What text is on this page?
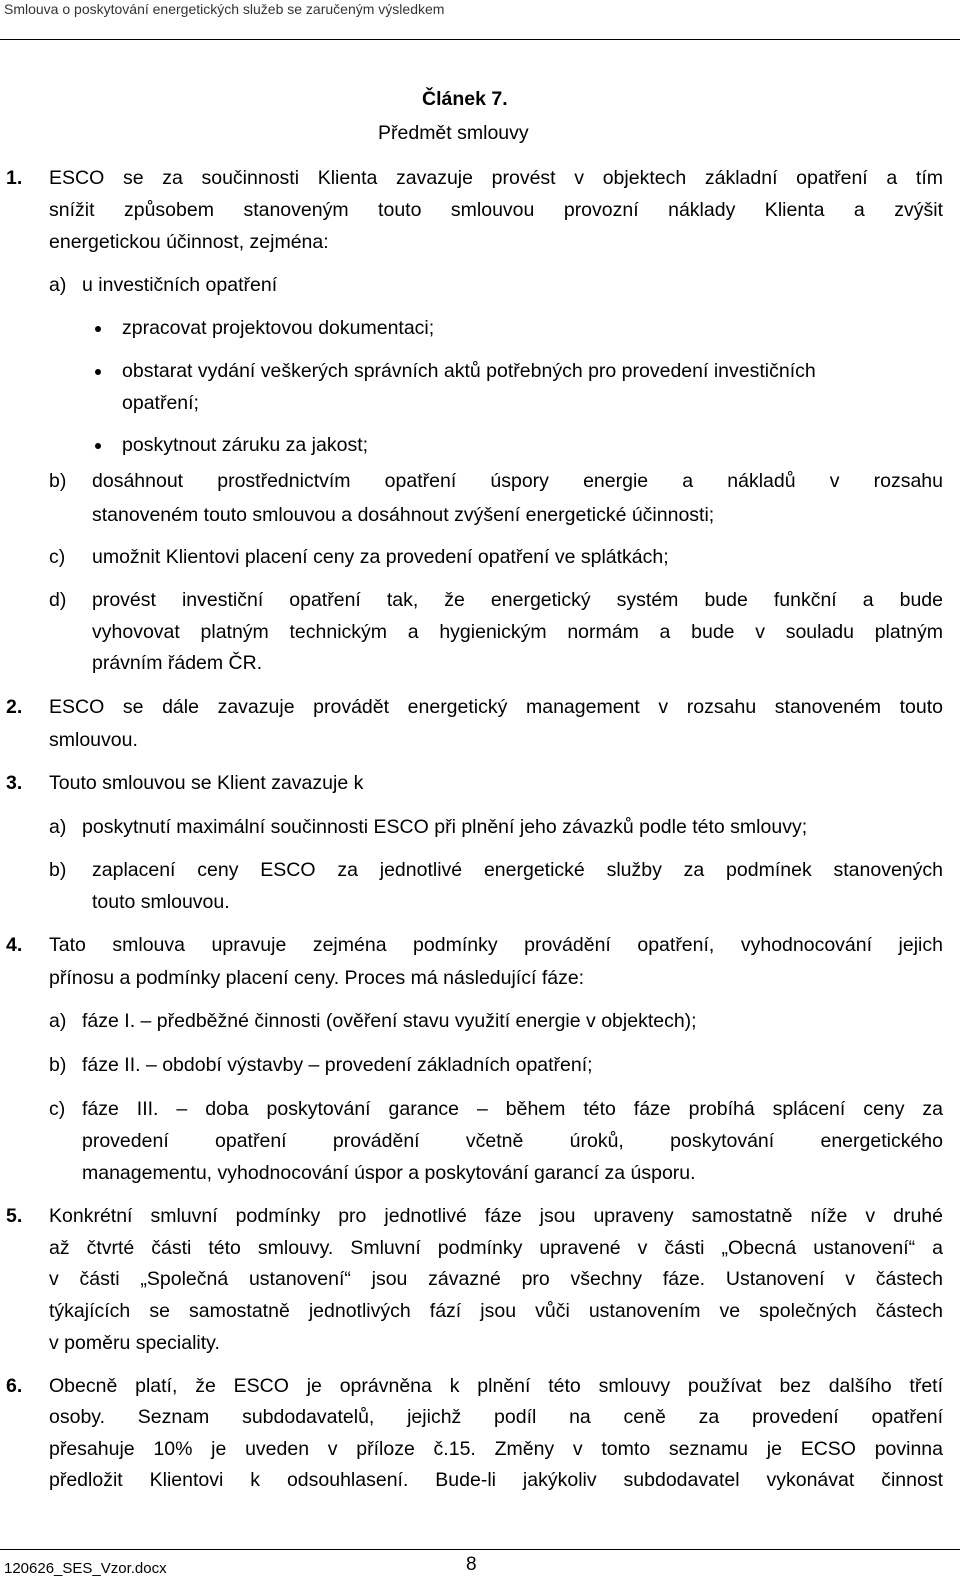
Smlouva o poskytování energetických služeb se zaručeným výsledkem
Článek 7.
Předmět smlouvy
1. ESCO se za součinnosti Klienta zavazuje provést v objektech základní opatření a tím
snížit způsobem stanoveným touto smlouvou provozní náklady Klienta a zvýšit
energetickou účinnost, zejména:
a) u investičních opatření
zpracovat projektovou dokumentaci;
obstarat vydání veškerých správních aktů potřebných pro provedení investičních
opatření;
poskytnout záruku za jakost;
b) dosáhnout prostřednictvím opatření úspory energie a nákladů v rozsahu
stanoveném touto smlouvou a dosáhnout zvýšení energetické účinnosti;
c) umožnit Klientovi placení ceny za provedení opatření ve splátkách;
d) provést investiční opatření tak, že energetický systém bude funkční a bude
vyhovovat platným technickým a hygienickým normám a bude v souladu platným
právním řádem ČR.
2. ESCO se dále zavazuje provádět energetický management v rozsahu stanoveném touto
smlouvou.
3. Touto smlouvou se Klient zavazuje k
a) poskytnutí maximální součinnosti ESCO při plnění jeho závazků podle této smlouvy;
b) zaplacení ceny ESCO za jednotlivé energetické služby za podmínek stanovených
touto smlouvou.
4. Tato smlouva upravuje zejména podmínky provádění opatření, vyhodnocování jejich
přínosu a podmínky placení ceny. Proces má následující fáze:
a) fáze I. – předběžné činnosti (ověření stavu využití energie v objektech);
b) fáze II. – období výstavby – provedení základních opatření;
c) fáze III. – doba poskytování garance – během této fáze probíhá splácení ceny za
provedení opatření provádění včetně úroků, poskytování energetického
managementu, vyhodnocování úspor a poskytování garancí za úsporu.
5. Konkrétní smluvní podmínky pro jednotlivé fáze jsou upraveny samostatně níže v druhé
až čtvrté části této smlouvy. Smluvní podmínky upravené v části „Obecná ustanovení“ a
v části „Společná ustanovení“ jsou závazné pro všechny fáze. Ustanovení v částech
týkajících se samostatně jednotlivých fází jsou vůči ustanovením ve společných částech
v poměru speciality.
6. Obecně platí, že ESCO je oprávněna k plnění této smlouvy používat bez dalšího třetí
osoby. Seznam subdodavatelů, jejichž podíl na ceně za provedení opatření
přesahuje 10% je uveden v příloze č.15. Změny v tomto seznamu je ECSO povinna
předložit Klientovi k odsouhlasení. Bude-li jakýkoliv subdodavatel vykonávat činnost
120626_SES_Vzor.docx	8
